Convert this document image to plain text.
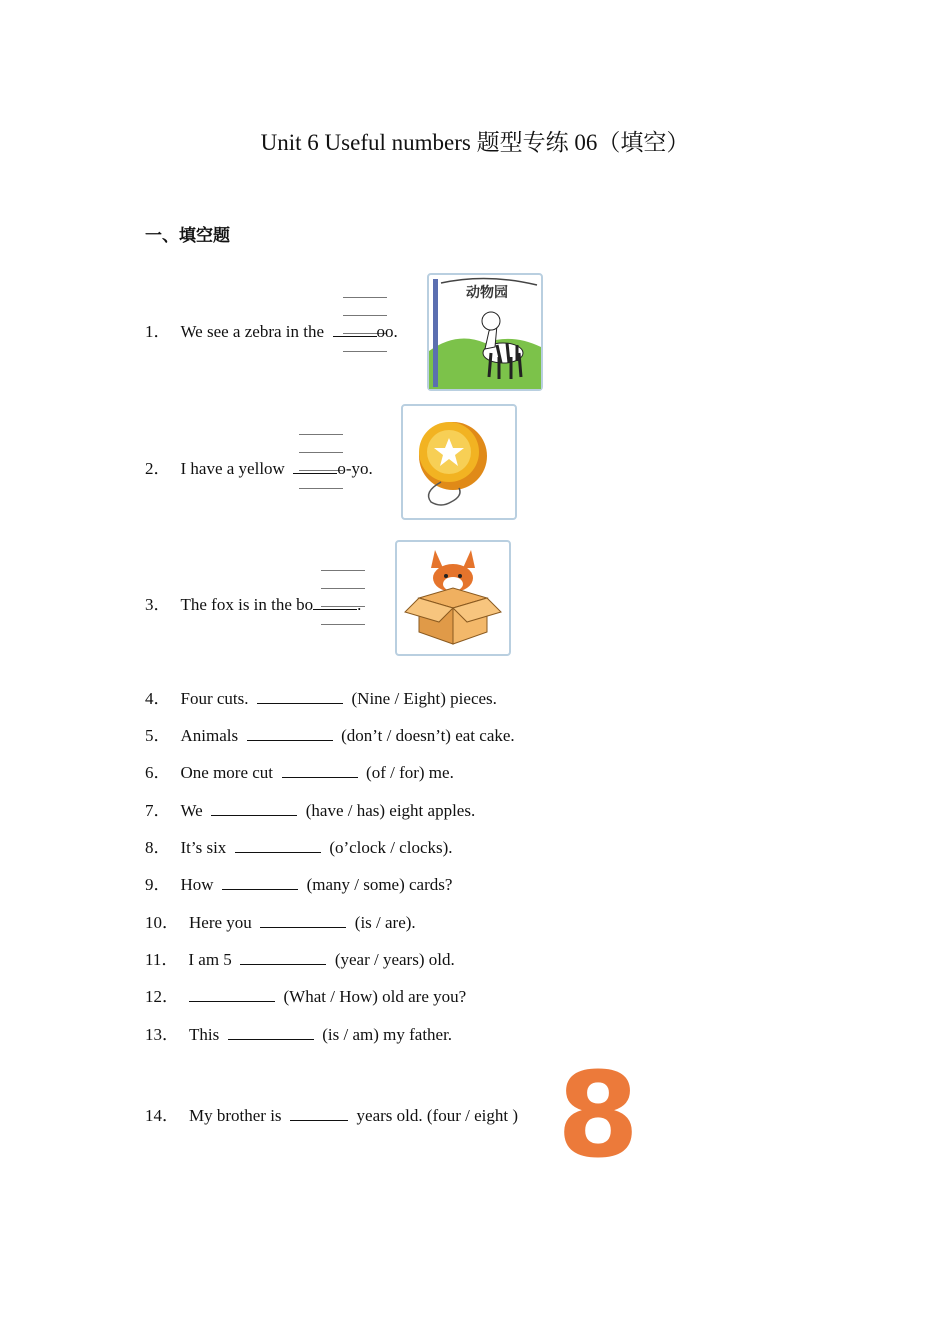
Unit 6 Useful numbers 题型专练 06（填空）
一、填空题
1． We see a zebra in the	oo.
动物园
2． I have a yellow	o-yo.
3． The fox is in the bo	.
4． Four cuts.	(Nine / Eight) pieces.
5． Animals	(don’t / doesn’t) eat cake.
6． One more cut	(of / for) me.
7． We	(have / has) eight apples.
8． It’s six	(o’clock / clocks).
9． How	(many / some) cards?
10． Here you	(is / are).
11． I am 5	(year / years) old.
12．	(What / How) old are you?
13． This	(is / am) my father.
14． My brother is	years old. (four / eight ) 8
